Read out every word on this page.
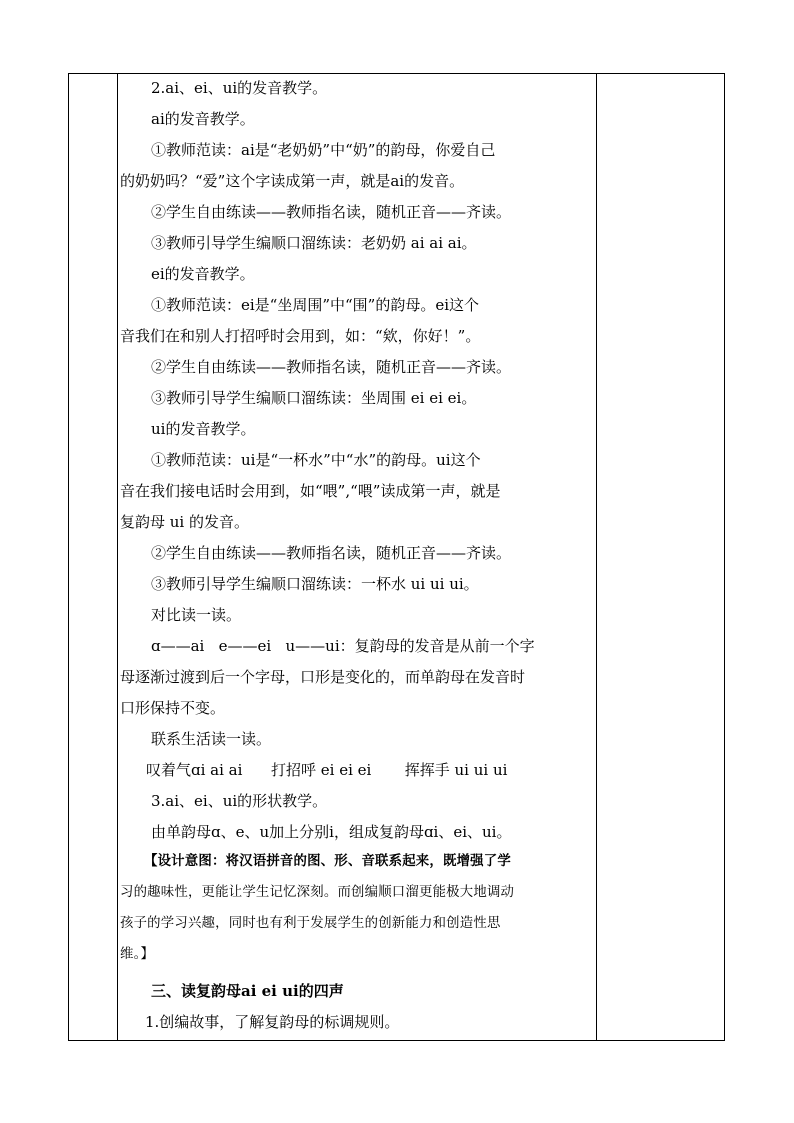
2.ai、ei、ui的发音教学。
ai的发音教学。
①教师范读：ai是“老奶奶”中“奶”的韵母，你爱自己
的奶奶吗？“爱”这个字读成第一声，就是ai的发音。
②学生自由练读——教师指名读，随机正音——齐读。
③教师引导学生编顺口溜练读：老奶奶 ai ai ai。
ei的发音教学。
①教师范读：ei是“坐周围”中“围”的韵母。ei这个
音我们在和别人打招呼时会用到，如：“欸，你好！”。
②学生自由练读——教师指名读，随机正音——齐读。
③教师引导学生编顺口溜练读：坐周围 ei ei ei。
ui的发音教学。
①教师范读：ui是“一杯水”中“水”的韵母。ui这个
音在我们接电话时会用到，如“喂”,“喂”读成第一声，就是
复韵母 ui 的发音。
②学生自由练读——教师指名读，随机正音——齐读。
③教师引导学生编顺口溜练读：一杯水 ui ui ui。
对比读一读。
ɑ——ai   e——ei   u——ui：复韵母的发音是从前一个字
母逐渐过渡到后一个字母，口形是变化的，而单韵母在发音时
口形保持不变。
联系生活读一读。
叹着气ɑi ai ai      打招呼 ei ei ei       挥挥手 ui ui ui
3.ai、ei、ui的形状教学。
由单韵母ɑ、e、u加上分别i，组成复韵母ɑi、ei、ui。
【设计意图：将汉语拼音的图、形、音联系起来，既增强了学
习的趣味性，更能让学生记忆深刻。而创编顺口溜更能极大地调动
孩子的学习兴趣，同时也有利于发展学生的创新能力和创造性思
维。】
三、读复韵母ai ei ui的四声
1.创编故事，了解复韵母的标调规则。
